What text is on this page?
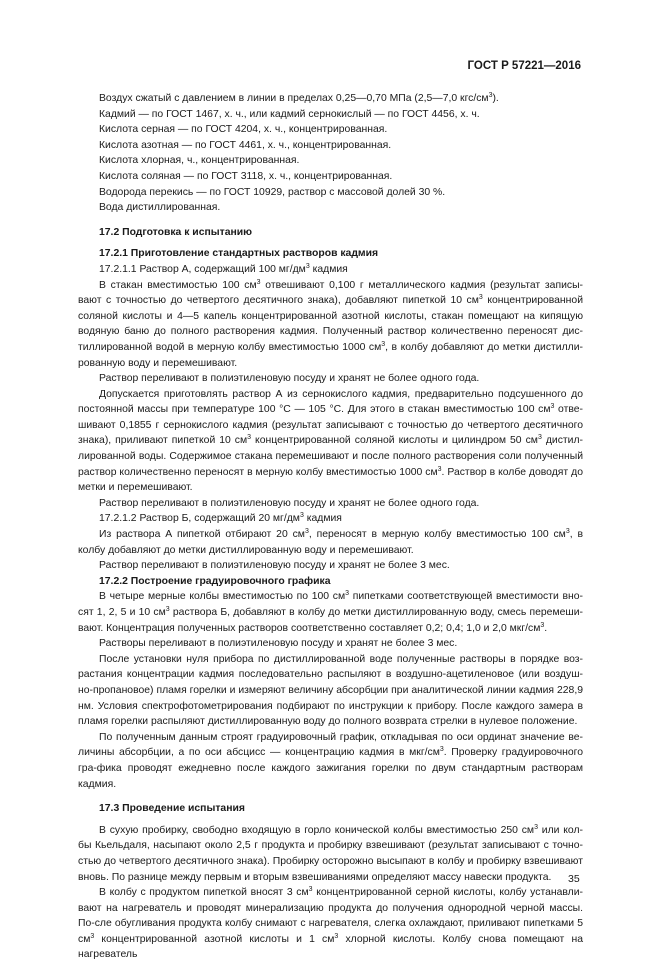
ГОСТ Р 57221—2016

Воздух сжатый с давлением в линии в пределах 0,25—0,70 МПа (2,5—7,0 кгс/$см^3$).

Кадмий — по ГОСТ 1467, х. ч., или кадмий сернокислый — по ГОСТ 4456, х. ч.

Кислота серная — по ГОСТ 4204, х. ч., концентрированная.

Кислота азотная — по ГОСТ 4461, х. ч., концентрированная.

Кислота хлорная, ч., концентрированная.

Кислота соляная — по ГОСТ 3118, х. ч., концентрированная.

Водорода перекись — по ГОСТ 10929, раствор с массовой долей 30 %.

Вода дистиллированная.

17.2 Подготовка к испытанию

17.2.1 Приготовление стандартных растворов кадмия

17.2.1.1 Раствор А, содержащий 100 $мг/дм^3$ кадмия

В стакан вместимостью 100 $см^3$ отвешивают 0,100 г металлического кадмия (результат записы-вают с точностью до четвертого десятичного знака), добавляют пипеткой 10 $см^3$ концентрированной соляной кислоты и 4—5 капель концентрированной азотной кислоты, стакан помещают на кипящую водяную баню до полного растворения кадмия. Полученный раствор количественно переносят дис-тиллированной водой в мерную колбу вместимостью 1000 $см^3$, в колбу добавляют до метки дистилли-рованную воду и перемешивают.

Раствор переливают в полиэтиленовую посуду и хранят не более одного года.

Допускается приготовлять раствор А из сернокислого кадмия, предварительно подсушенного до постоянной массы при температуре 100 °C — 105 °C. Для этого в стакан вместимостью 100 $см^3$ отве-шивают 0,1855 г сернокислого кадмия (результат записывают с точностью до четвертого десятичного знака), приливают пипеткой 10 $см^3$ концентрированной соляной кислоты и цилиндром 50 $см^3$ дистил-лированной воды. Содержимое стакана перемешивают и после полного растворения соли полученный раствор количественно переносят в мерную колбу вместимостью 1000 $см^3$. Раствор в колбе доводят до метки и перемешивают.

Раствор переливают в полиэтиленовую посуду и хранят не более одного года.

17.2.1.2 Раствор Б, содержащий 20 $мг/дм^3$ кадмия

Из раствора А пипеткой отбирают 20 $см^3$, переносят в мерную колбу вместимостью 100 $см^3$, в колбу добавляют до метки дистиллированную воду и перемешивают.

Раствор переливают в полиэтиленовую посуду и хранят не более 3 мес.

17.2.2 Построение градуировочного графика

В четыре мерные колбы вместимостью по 100 $см^3$ пипетками соответствующей вместимости вно-сят 1, 2, 5 и 10 $см^3$ раствора Б, добавляют в колбу до метки дистиллированную воду, смесь перемеши-вают. Концентрация полученных растворов соответственно составляет 0,2; 0,4; 1,0 и 2,0 мкг/$см^3$.

Растворы переливают в полиэтиленовую посуду и хранят не более 3 мес.

После установки нуля прибора по дистиллированной воде полученные растворы в порядке воз-растания концентрации кадмия последовательно распыляют в воздушно-ацетиленовое (или воздуш-но-пропановое) пламя горелки и измеряют величину абсорбции при аналитической линии кадмия 228,9 нм. Условия спектрофотометрирования подбирают по инструкции к прибору. После каждого замера в пламя горелки распыляют дистиллированную воду до полного возврата стрелки в нулевое положение.

По полученным данным строят градуировочный график, откладывая по оси ординат значение ве-личины абсорбции, а по оси абсцисс — концентрацию кадмия в мкг/$см^3$. Проверку градуировочного гра-фика проводят ежедневно после каждого зажигания горелки по двум стандартным растворам кадмия.

17.3 Проведение испытания

В сухую пробирку, свободно входящую в горло конической колбы вместимостью 250 $см^3$ или кол-бы Кьельдаля, насыпают около 2,5 г продукта и пробирку взвешивают (результат записывают с точно-стью до четвертого десятичного знака). Пробирку осторожно высыпают в колбу и пробирку взвешивают вновь. По разнице между первым и вторым взвешиваниями определяют массу навески продукта.

В колбу с продуктом пипеткой вносят 3 $см^3$ концентрированной серной кислоты, колбу устанавли-вают на нагреватель и проводят минерализацию продукта до получения однородной черной массы. По-сле обугливания продукта колбу снимают с нагревателя, слегка охлаждают, приливают пипетками 5 $см^3$ концентрированной азотной кислоты и 1 $см^3$ хлорной кислоты. Колбу снова помещают на нагреватель

35
